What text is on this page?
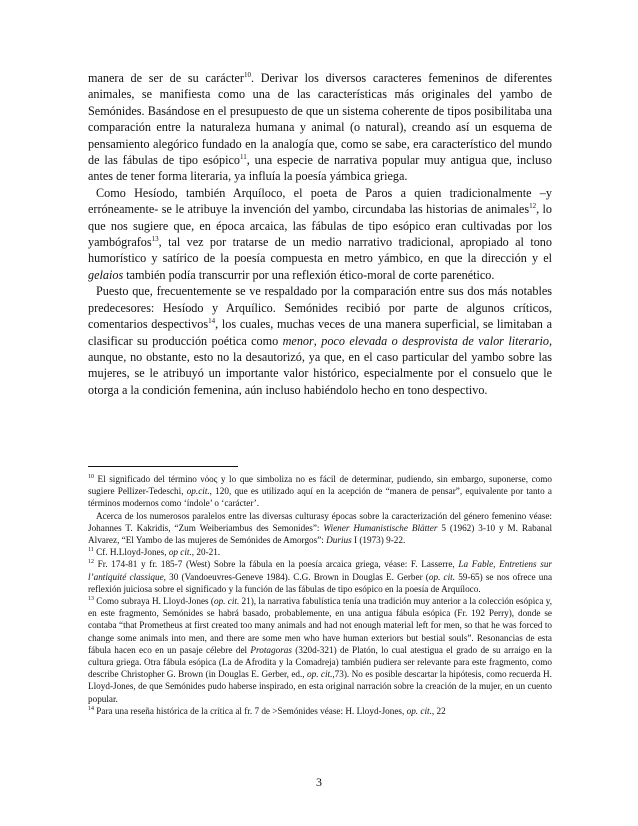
manera de ser de su carácter$^{10}$. Derivar los diversos caracteres femeninos de diferentes animales, se manifiesta como una de las características más originales del yambo de Semónides. Basándose en el presupuesto de que un sistema coherente de tipos posibilitaba una comparación entre la naturaleza humana y animal (o natural), creando así un esquema de pensamiento alegórico fundado en la analogía que, como se sabe, era característico del mundo de las fábulas de tipo esópico$^{11}$, una especie de narrativa popular muy antigua que, incluso antes de tener forma literaria, ya influía la poesía yámbica griega.

Como Hesíodo, también Arquíloco, el poeta de Paros a quien tradicionalmente –y erróneamente- se le atribuye la invención del yambo, circundaba las historias de animales$^{12}$, lo que nos sugiere que, en época arcaica, las fábulas de tipo esópico eran cultivadas por los yambógrafos$^{13}$, tal vez por tratarse de un medio narrativo tradicional, apropiado al tono humorístico y satírico de la poesía compuesta en metro yámbico, en que la dirección y el gelaios también podía transcurrir por una reflexión ético-moral de corte parenético.

Puesto que, frecuentemente se ve respaldado por la comparación entre sus dos más notables predecesores: Hesíodo y Arquílico. Semónides recibió por parte de algunos críticos, comentarios despectivos$^{14}$, los cuales, muchas veces de una manera superficial, se limitaban a clasificar su producción poética como menor, poco elevada o desprovista de valor literario, aunque, no obstante, esto no la desautorizó, ya que, en el caso particular del yambo sobre las mujeres, se le atribuyó un importante valor histórico, especialmente por el consuelo que le otorga a la condición femenina, aún incluso habiéndolo hecho en tono despectivo.

$^{10}$ El significado del término νόος y lo que simboliza no es fácil de determinar, pudiendo, sin embargo, suponerse, como sugiere Pellizer-Tedeschi, op.cit., 120, que es utilizado aquí en la acepción de “manera de pensar”, equivalente por tanto a términos modernos como ‘índole’ o ‘carácter’.

Acerca de los numerosos paralelos entre las diversas culturasy épocas sobre la caracterización del género femenino véase: Johannes T. Kakridis, “Zum Weiberiambus des Semonides”: Wiener Humanistische Blätter 5 (1962) 3-10 y M. Rabanal Alvarez, “El Yambo de las mujeres de Semónides de Amorgos”: Durius I (1973) 9-22.

$^{11}$ Cf. H.Lloyd-Jones, op cit., 20-21.

$^{12}$ Fr. 174-81 y fr. 185-7 (West) Sobre la fábula en la poesía arcaica griega, véase: F. Lasserre, La Fable, Entretiens sur l’antiquité classique, 30 (Vandoeuvres-Geneve 1984). C.G. Brown in Douglas E. Gerber (op. cit. 59-65) se nos ofrece una reflexión juiciosa sobre el significado y la función de las fábulas de tipo esópico en la poesía de Arquíloco.

$^{13}$ Como subraya H. Lloyd-Jones (op. cit. 21), la narrativa fabulística tenía una tradición muy anterior a la colección esópica y, en este fragmento, Semónides se habrá basado, probablemente, en una antigua fábula esópica (Fr. 192 Perry), donde se contaba “that Prometheus at first created too many animals and had not enough material left for men, so that he was forced to change some animals into men, and there are some men who have human exteriors but bestial souls”. Resonancias de esta fábula hacen eco en un pasaje célebre del Protagoras (320d-321) de Platón, lo cual atestigua el grado de su arraigo en la cultura griega. Otra fábula esópica (La de Afrodita y la Comadreja) también pudiera ser relevante para este fragmento, como describe Christopher G. Brown (in Douglas E. Gerber, ed., op. cit.,73). No es posible descartar la hipótesis, como recuerda H. Lloyd-Jones, de que Semónides pudo haberse inspirado, en esta original narración sobre la creación de la mujer, en un cuento popular.

$^{14}$ Para una reseña histórica de la crítica al fr. 7 de >Semónides véase: H. Lloyd-Jones, op. cit., 22

3
